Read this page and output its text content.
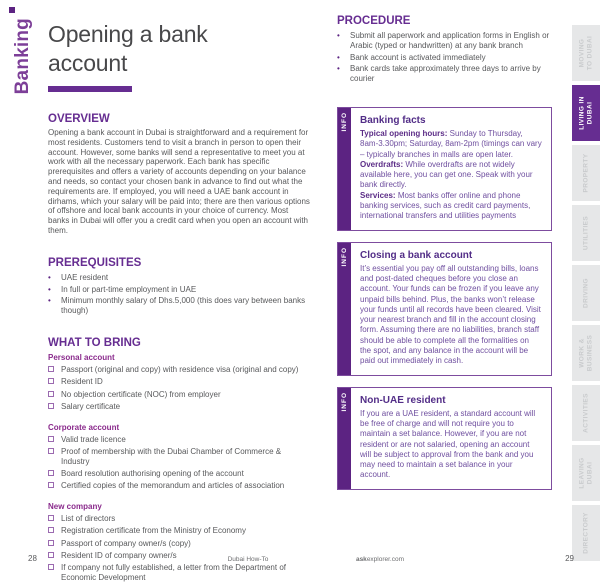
Banking Opening a bank
account
OVERVIEW

Opening a bank account in Dubai is straightforward and a requirement for most residents. Customers tend to visit a branch in person to open their account. However, some banks will send a representative to meet you at work with all the necessary paperwork. Each bank has specific prerequisites and offers a variety of accounts depending on your balance and needs, so contact your chosen bank in advance to find out what the requirements are. If employed, you will need a UAE bank account in dirhams, which your salary will be paid into; there are then various options of offshore and local bank accounts in your choice of currency. Most banks in Dubai will offer you a credit card when you open an account with them.

PREREQUISITES
•	UAE resident
•	In full or part-time employment in UAE
•	Minimum monthly salary of Dhs.5,000 (this does vary between banks though)
WHAT TO BRING
Personal account
Passport (original and copy) with residence visa (original and copy)
Resident ID
No objection certificate (NOC) from employer
Salary certificate
Corporate account
Valid trade licence
Proof of membership with the Dubai Chamber of Commerce & Industry
Board resolution authorising opening of the account
Certified copies of the memorandum and articles of association
New company
List of directors
Registration certificate from the Ministry of Economy
Passport of company owner/s (copy)
Resident ID of company owner/s
If company not fully established, a letter from the Department of Economic Development
PROCEDURE
•	Submit all paperwork and application forms in English or Arabic (typed or handwritten) at any bank branch
•	Bank account is activated immediately
•	Bank cards take approximately three days to arrive by courier
INFO Banking facts

Typical opening hours: Sunday to Thursday, 8am-3.30pm; Saturday, 8am-2pm (timings can vary – typically branches in malls are open later.

Overdrafts: While overdrafts are not widely available here, you can get one. Speak with your bank directly.

Services: Most banks offer online and phone banking services, such as credit card payments, international transfers and utilities payments

INFO Closing a bank account

It’s essential you pay off all outstanding bills, loans and post-dated cheques before you close an account. Your funds can be frozen if you leave any unpaid bills behind. Plus, the banks won’t release your funds until all records have been cleared. Visit your nearest branch and fill in the account closing form. Assuming there are no liabilities, branch staff should be able to complete all the formalities on the spot, and any balance in the account will be paid out immediately in cash.

INFO Non-UAE resident

If you are a UAE resident, a standard account will be free of charge and will not require you to maintain a set balance. However, if you are not resident or are not salaried, opening an account will be subject to approval from the bank and you may need to maintain a set balance in your account.

MOVING TO DUBAI
LIVING IN DUBAI
PROPERTY
UTILITIES
DRIVING
WORK & BUSINESS
ACTIVITIES
LEAVING DUBAI
DIRECTORY
28	Dubai How-To	askexplorer.com	29
